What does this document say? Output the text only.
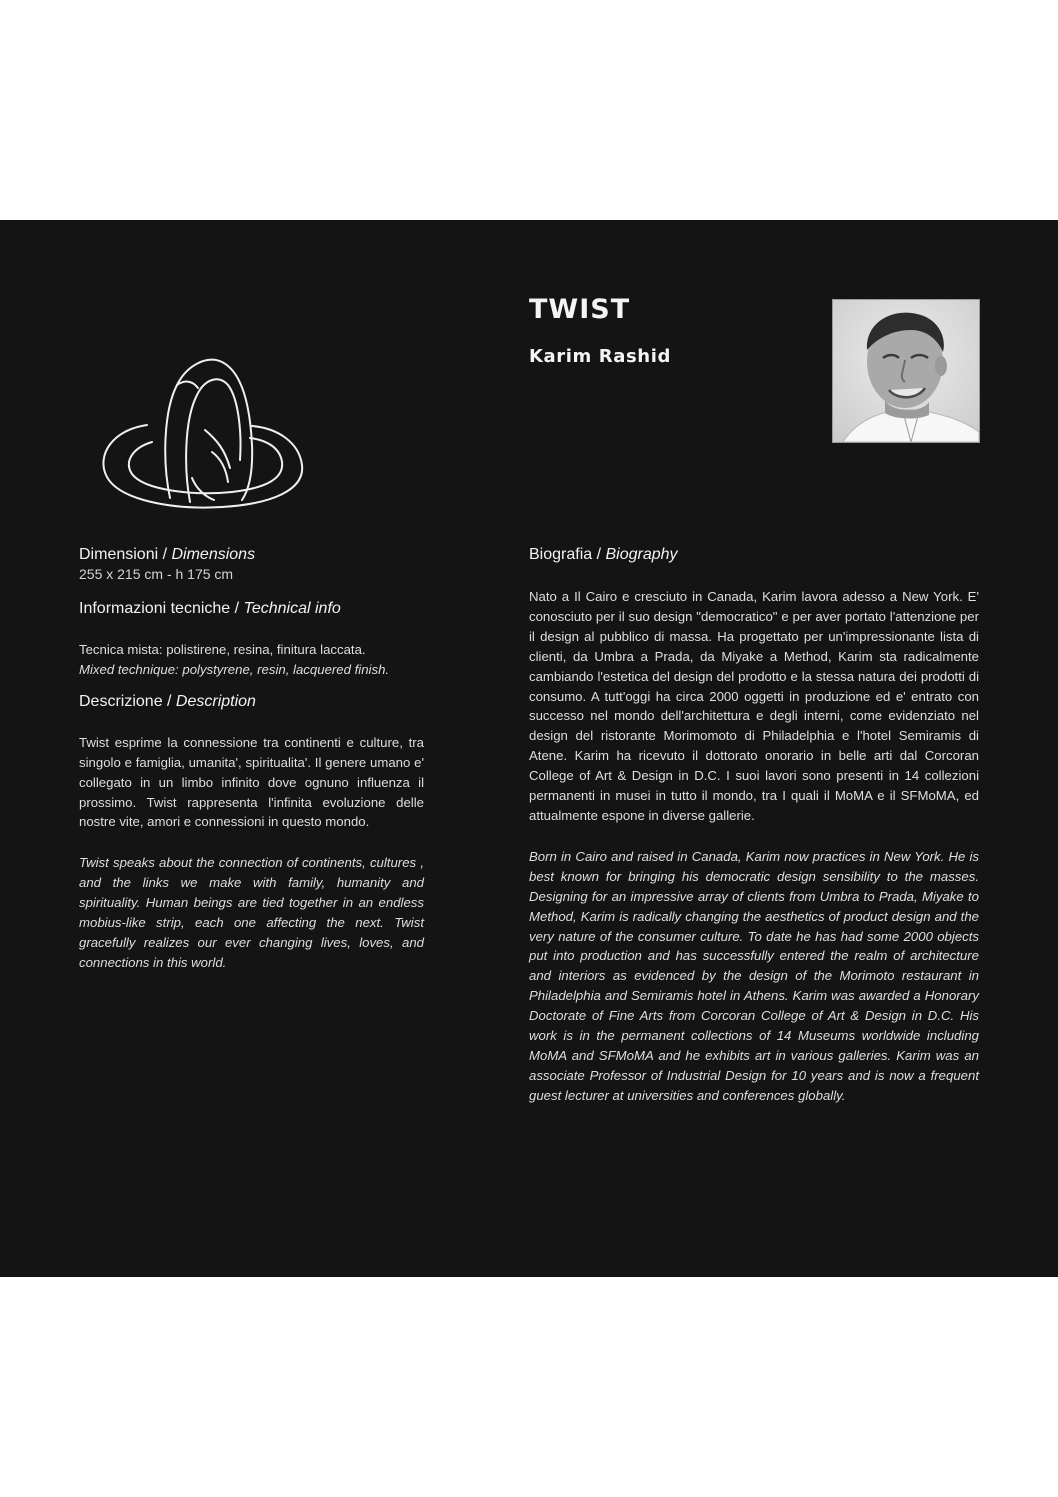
TWIST
Karim Rashid
Dimensioni / Dimensions
255 x 215 cm - h 175 cm
Informazioni tecniche / Technical info

Tecnica mista: polistirene, resina, finitura laccata.

Mixed technique: polystyrene, resin, lacquered finish.

Descrizione / Description

Twist esprime la connessione tra continenti e culture, tra singolo e famiglia, umanita', spiritualita'. Il genere umano e' collegato in un limbo infinito dove ognuno influenza il prossimo. Twist rappresenta l'infinita evoluzione delle nostre vite, amori e connessioni in questo mondo.

Twist speaks about the connection of continents, cultures , and the links we make with family, humanity and spirituality. Human beings are tied together in an endless mobius-like strip, each one affecting the next. Twist gracefully realizes our ever changing lives, loves, and connections in this world.

Biografia / Biography

Nato a Il Cairo e cresciuto in Canada, Karim lavora adesso a New York. E' conosciuto per il suo design "democratico" e per aver portato l'attenzione per il design al pubblico di massa. Ha progettato per un'impressionante lista di clienti, da Umbra a Prada, da Miyake a Method, Karim sta radicalmente cambiando l'estetica del design del prodotto e la stessa natura dei prodotti di consumo. A tutt'oggi ha circa 2000 oggetti in produzione ed e' entrato con successo nel mondo dell'architettura e degli interni, come evidenziato nel design del ristorante Morimomoto di Philadelphia e l'hotel Semiramis di Atene. Karim ha ricevuto il dottorato onorario in belle arti dal Corcoran College of Art & Design in D.C. I suoi lavori sono presenti in 14 collezioni permanenti in musei in tutto il mondo, tra I quali il MoMA e il SFMoMA, ed attualmente espone in diverse gallerie.

Born in Cairo and raised in Canada, Karim now practices in New York. He is best known for bringing his democratic design sensibility to the masses. Designing for an impressive array of clients from Umbra to Prada, Miyake to Method, Karim is radically changing the aesthetics of product design and the very nature of the consumer culture. To date he has had some 2000 objects put into production and has successfully entered the realm of architecture and interiors as evidenced by the design of the Morimoto restaurant in Philadelphia and Semiramis hotel in Athens. Karim was awarded a Honorary Doctorate of Fine Arts from Corcoran College of Art & Design in D.C. His work is in the permanent collections of 14 Museums worldwide including MoMA and SFMoMA and he exhibits art in various galleries. Karim was an associate Professor of Industrial Design for 10 years and is now a frequent guest lecturer at universities and conferences globally.
